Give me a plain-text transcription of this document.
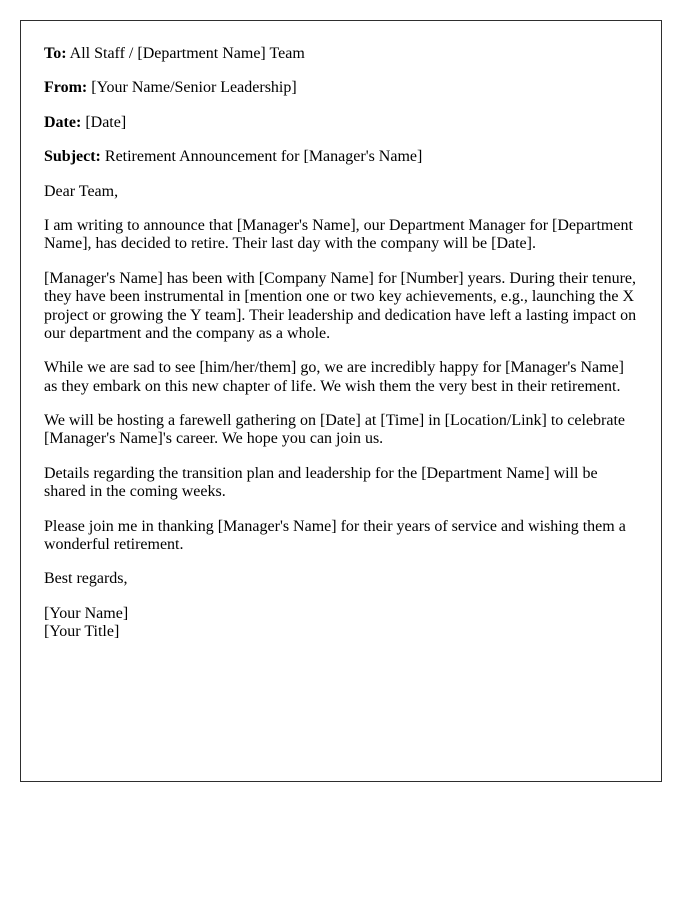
To: All Staff / [Department Name] Team

From: [Your Name/Senior Leadership]

Date: [Date]

Subject: Retirement Announcement for [Manager's Name]

Dear Team,

I am writing to announce that [Manager's Name], our Department Manager for [Department Name], has decided to retire. Their last day with the company will be [Date].

[Manager's Name] has been with [Company Name] for [Number] years. During their tenure, they have been instrumental in [mention one or two key achievements, e.g., launching the X project or growing the Y team]. Their leadership and dedication have left a lasting impact on our department and the company as a whole.

While we are sad to see [him/her/them] go, we are incredibly happy for [Manager's Name] as they embark on this new chapter of life. We wish them the very best in their retirement.

We will be hosting a farewell gathering on [Date] at [Time] in [Location/Link] to celebrate [Manager's Name]'s career. We hope you can join us.

Details regarding the transition plan and leadership for the [Department Name] will be shared in the coming weeks.

Please join me in thanking [Manager's Name] for their years of service and wishing them a wonderful retirement.

Best regards,

[Your Name]
[Your Title]
